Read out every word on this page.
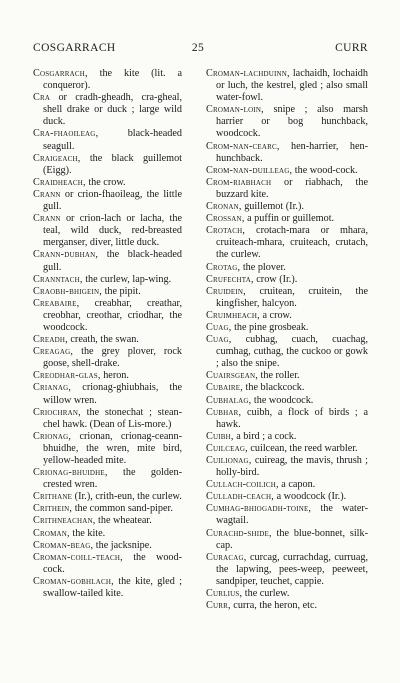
COSGARRACH	25	CURR

Cosgarrach, the kite (lit. a conqueror).

Cra or cradh-gheadh, cra-gheal, shell drake or duck ; large wild duck.

Cra-fhaoileag, black-headed seagull.

Craigeach, the black guillemot (Eigg).

Craidheach, the crow.

Crann or crion-fhaoileag, the little gull.

Crann or crion-lach or lacha, the teal, wild duck, red-breasted merganser, diver, little duck.

Crann-dubhan, the black-headed gull.

Cranntach, the curlew, lap-wing.

Craobh-bhigein, the pipit.

Creabaire, creabhar, creathar, creobhar, creothar, criodhar, the woodcock.

Creadh, creath, the swan.

Creagag, the grey plover, rock goose, shell-drake.

Creodhar-glas, heron.

Crianag, crionag-ghiubhais, the willow wren.

Criochran, the stonechat ; stean-chel hawk. (Dean of Lis-more.)

Crionag, crionan, crionag-ceann-bhuidhe, the wren, mite bird, yellow-headed mite.

Crionag-bhuidhe, the golden-crested wren.

Crithane (Ir.), crith-eun, the curlew.

Crithein, the common sand-piper.

Crithneachan, the wheatear.

Croman, the kite.

Croman-beag, the jacksnipe.

Croman-coill-teach, the wood-cock.

Croman-gobhlach, the kite, gled ; swallow-tailed kite.

Croman-lachduinn, lachaidh, lochaidh or luch, the kestrel, gled ; also small water-fowl.

Croman-loin, snipe ; also marsh harrier or bog hunchback, woodcock.

Crom-nan-cearc, hen-harrier, hen-hunchback.

Crom-nan-duilleag, the wood-cock.

Crom-riabhach or riabhach, the buzzard kite.

Cronan, guillemot (Ir.).

Crossan, a puffin or guillemot.

Crotach, crotach-mara or mhara, cruiteach-mhara, cruiteach, crutach, the curlew.

Crotag, the plover.

Crufechta, crow (Ir.).

Cruidein, cruitean, cruitein, the kingfisher, halcyon.

Cruimheach, a crow.

Cuag, the pine grosbeak.

Cuag, cubhag, cuach, cuachag, cumhag, cuthag, the cuckoo or gowk ; also the snipe.

Cuairsgean, the roller.

Cubaire, the blackcock.

Cubhalag, the woodcock.

Cubhar, cuibh, a flock of birds ; a hawk.

Cuibh, a bird ; a cock.

Cuilceag, cuilcean, the reed warbler.

Cuilionag, cuireag, the mavis, thrush ; holly-bird.

Cullach-coilich, a capon.

Culladh-ceach, a woodcock (Ir.).

Cumhag-bhiogadh-toine, the water-wagtail.

Curachd-shide, the blue-bonnet, silk-cap.

Curacag, curcag, currachdag, curruag, the lapwing, pees-weep, peeweet, sandpiper, teuchet, cappie.

Curlius, the curlew.

Curr, curra, the heron, etc.
